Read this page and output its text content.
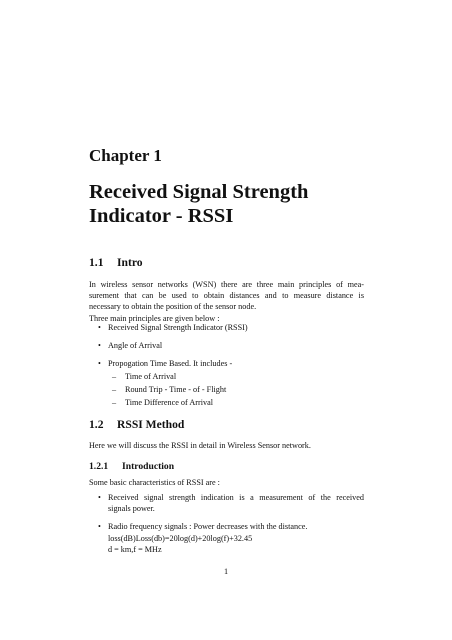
Chapter 1
Received Signal Strength
Indicator - RSSI
1.1 Intro

In wireless sensor networks (WSN) there are three main principles of mea-
surement that can be used to obtain distances and to measure distance is
necessary to obtain the position of the sensor node.
Three main principles are given below :

• Received Signal Strength Indicator (RSSI)
• Angle of Arrival
• Propogation Time Based. It includes -
– Time of Arrival
– Round Trip - Time - of - Flight
– Time Difference of Arrival
1.2 RSSI Method

Here we will discuss the RSSI in detail in Wireless Sensor network.

1.2.1 Introduction

Some basic characteristics of RSSI are :

• Received signal strength indication is a measurement of the received
signals power.
• Radio frequency signals : Power decreases with the distance.
loss(dB)Loss(db)=20log(d)+20log(f)+32.45
d = km,f = MHz

1
